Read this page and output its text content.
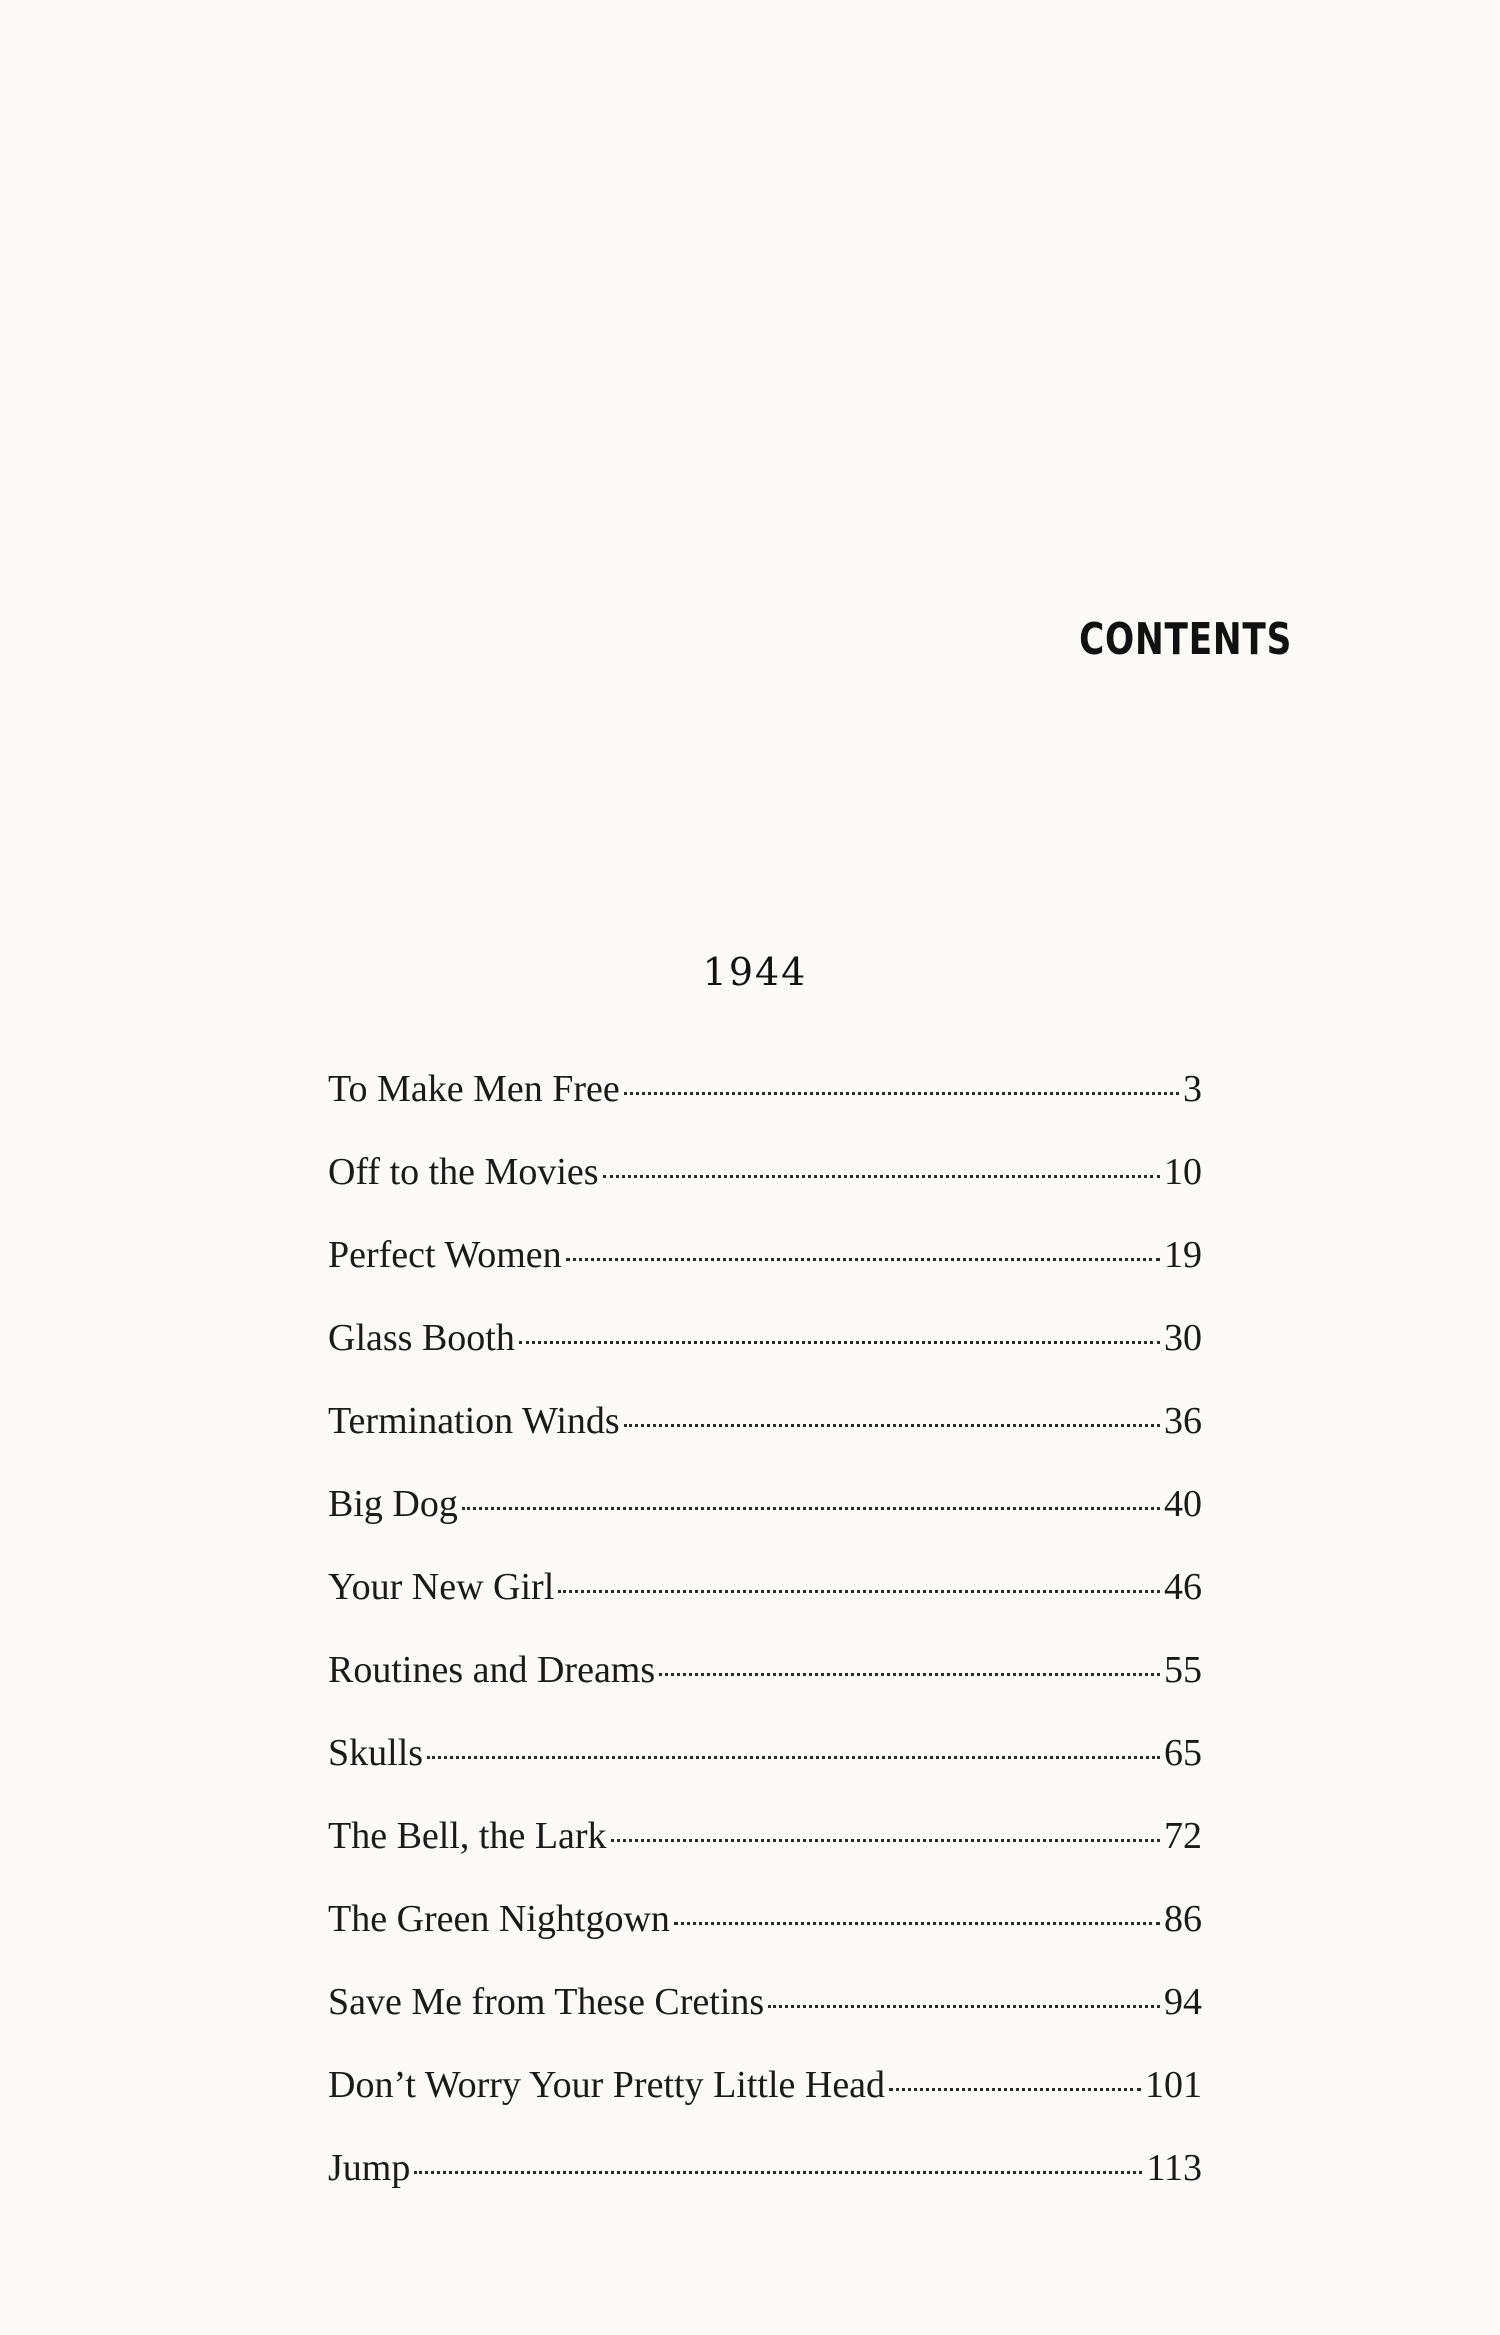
CONTENTS
1944
To Make Men Free	3
Off to the Movies	10
Perfect Women	19
Glass Booth	30
Termination Winds	36
Big Dog	40
Your New Girl	46
Routines and Dreams	55
Skulls	65
The Bell, the Lark	72
The Green Nightgown	86
Save Me from These Cretins	94
Don’t Worry Your Pretty Little Head	101
Jump	113
